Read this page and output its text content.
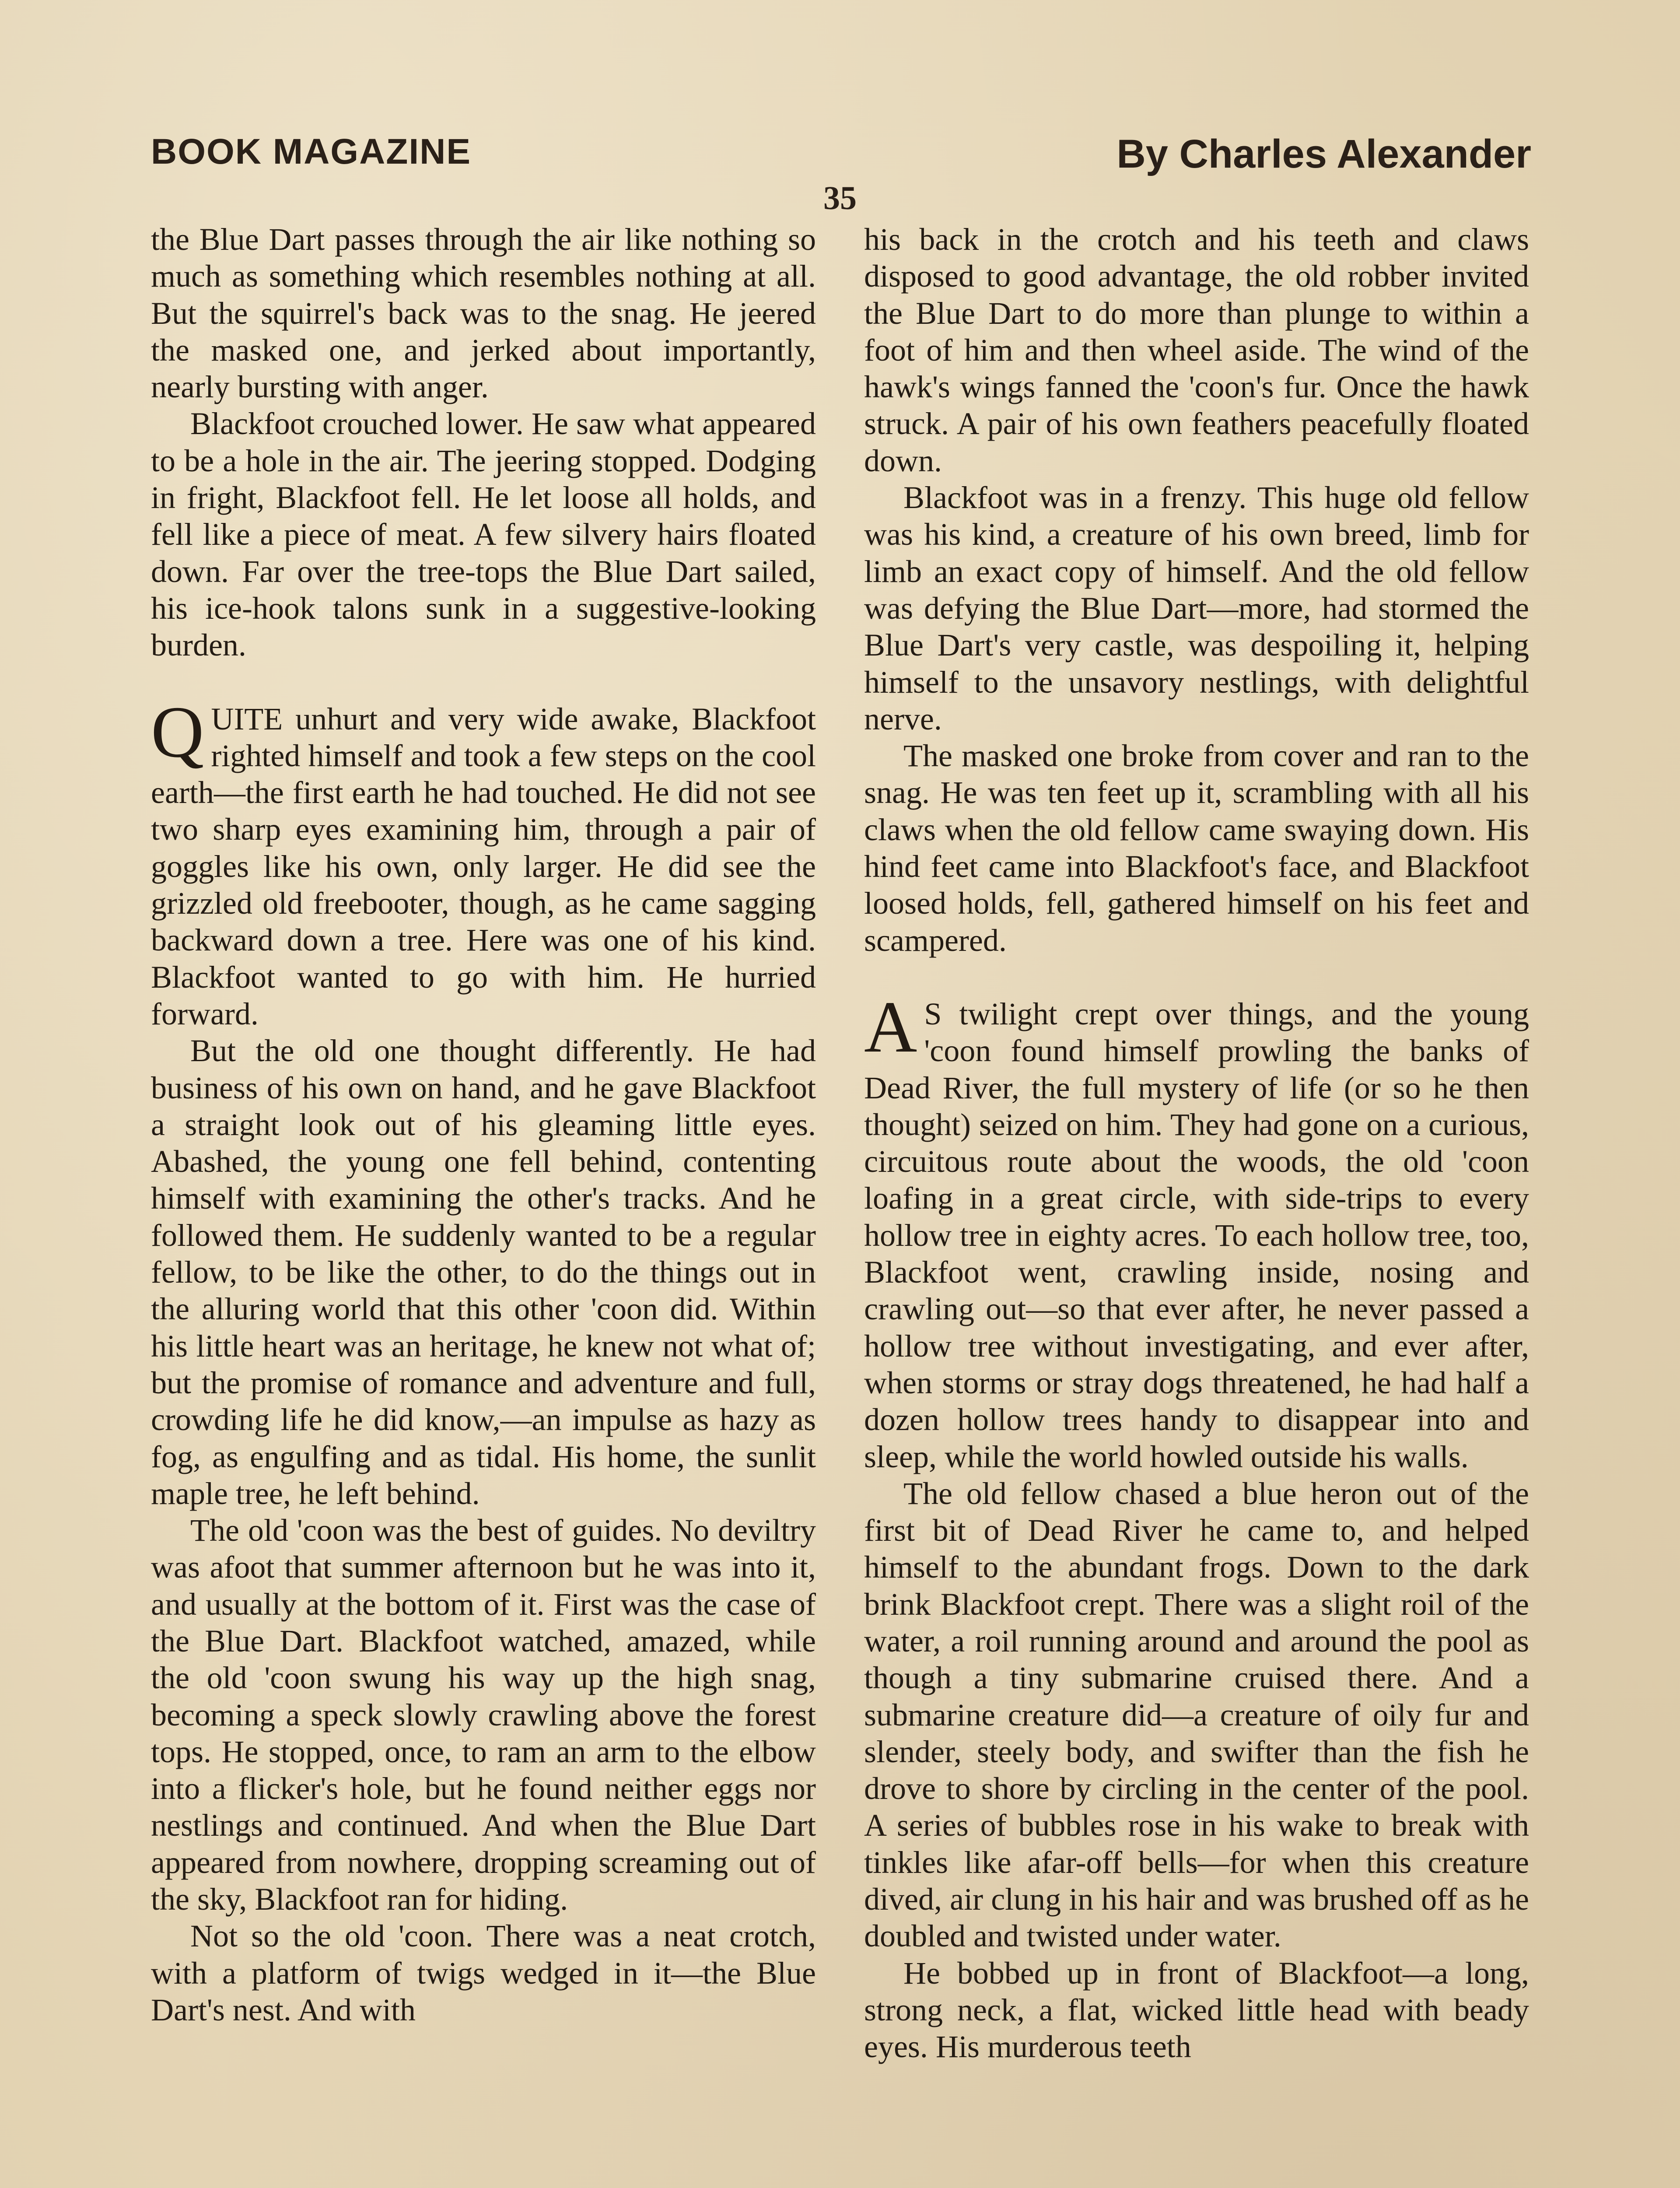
BOOK MAGAZINE	By Charles Alexander
35

the Blue Dart passes through the air like nothing so much as something which resembles nothing at all. But the squirrel's back was to the snag. He jeered the masked one, and jerked about importantly, nearly bursting with anger.

Blackfoot crouched lower. He saw what appeared to be a hole in the air. The jeering stopped. Dodging in fright, Blackfoot fell. He let loose all holds, and fell like a piece of meat. A few silvery hairs floated down. Far over the tree-tops the Blue Dart sailed, his ice-hook talons sunk in a suggestive-looking burden.

QUITE unhurt and very wide awake, Blackfoot righted himself and took a few steps on the cool earth—the first earth he had touched. He did not see two sharp eyes examining him, through a pair of goggles like his own, only larger. He did see the grizzled old freebooter, though, as he came sagging backward down a tree. Here was one of his kind. Blackfoot wanted to go with him. He hurried forward.

But the old one thought differently. He had business of his own on hand, and he gave Blackfoot a straight look out of his gleaming little eyes. Abashed, the young one fell behind, contenting himself with examining the other's tracks. And he followed them. He suddenly wanted to be a regular fellow, to be like the other, to do the things out in the alluring world that this other 'coon did. Within his little heart was an heritage, he knew not what of; but the promise of romance and adventure and full, crowding life he did know,—an impulse as hazy as fog, as engulfing and as tidal. His home, the sunlit maple tree, he left behind.

The old 'coon was the best of guides. No deviltry was afoot that summer afternoon but he was into it, and usually at the bottom of it. First was the case of the Blue Dart. Blackfoot watched, amazed, while the old 'coon swung his way up the high snag, becoming a speck slowly crawling above the forest tops. He stopped, once, to ram an arm to the elbow into a flicker's hole, but he found neither eggs nor nestlings and continued. And when the Blue Dart appeared from nowhere, dropping screaming out of the sky, Blackfoot ran for hiding.

Not so the old 'coon. There was a neat crotch, with a platform of twigs wedged in it—the Blue Dart's nest. And with

his back in the crotch and his teeth and claws disposed to good advantage, the old robber invited the Blue Dart to do more than plunge to within a foot of him and then wheel aside. The wind of the hawk's wings fanned the 'coon's fur. Once the hawk struck. A pair of his own feathers peacefully floated down.

Blackfoot was in a frenzy. This huge old fellow was his kind, a creature of his own breed, limb for limb an exact copy of himself. And the old fellow was defying the Blue Dart—more, had stormed the Blue Dart's very castle, was despoiling it, helping himself to the unsavory nestlings, with delightful nerve.

The masked one broke from cover and ran to the snag. He was ten feet up it, scrambling with all his claws when the old fellow came swaying down. His hind feet came into Blackfoot's face, and Blackfoot loosed holds, fell, gathered himself on his feet and scampered.

A S twilight crept over things, and the young 'coon found himself prowling the banks of Dead River, the full mystery of life (or so he then thought) seized on him. They had gone on a curious, circuitous route about the woods, the old 'coon loafing in a great circle, with side-trips to every hollow tree in eighty acres. To each hollow tree, too, Blackfoot went, crawling inside, nosing and crawling out—so that ever after, he never passed a hollow tree without investigating, and ever after, when storms or stray dogs threatened, he had half a dozen hollow trees handy to disappear into and sleep, while the world howled outside his walls.

The old fellow chased a blue heron out of the first bit of Dead River he came to, and helped himself to the abundant frogs. Down to the dark brink Blackfoot crept. There was a slight roil of the water, a roil running around and around the pool as though a tiny submarine cruised there. And a submarine creature did—a creature of oily fur and slender, steely body, and swifter than the fish he drove to shore by circling in the center of the pool. A series of bubbles rose in his wake to break with tinkles like afar-off bells—for when this creature dived, air clung in his hair and was brushed off as he doubled and twisted under water.

He bobbed up in front of Blackfoot—a long, strong neck, a flat, wicked little head with beady eyes. His murderous teeth
